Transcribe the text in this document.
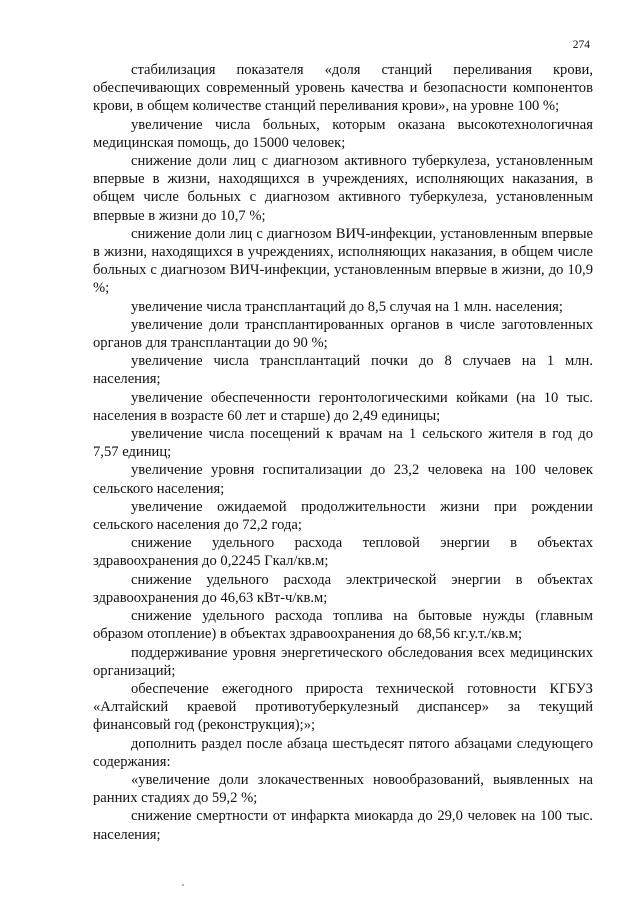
274

стабилизация показателя «доля станций переливания крови, обеспечивающих современный уровень качества и безопасности компонентов крови, в общем количестве станций переливания крови», на уровне 100 %;

увеличение числа больных, которым оказана высокотехнологичная медицинская помощь, до 15000 человек;

снижение доли лиц с диагнозом активного туберкулеза, установленным впервые в жизни, находящихся в учреждениях, исполняющих наказания, в общем числе больных с диагнозом активного туберкулеза, установленным впервые в жизни до 10,7 %;

снижение доли лиц с диагнозом ВИЧ-инфекции, установленным впервые в жизни, находящихся в учреждениях, исполняющих наказания, в общем числе больных с диагнозом ВИЧ-инфекции, установленным впервые в жизни, до 10,9 %;

увеличение числа трансплантаций до 8,5 случая на 1 млн. населения;

увеличение доли трансплантированных органов в числе заготовленных органов для трансплантации до 90 %;

увеличение числа трансплантаций почки до 8 случаев на 1 млн. населения;

увеличение обеспеченности геронтологическими койками (на 10 тыс. населения в возрасте 60 лет и старше) до 2,49 единицы;

увеличение числа посещений к врачам на 1 сельского жителя в год до 7,57 единиц;

увеличение уровня госпитализации до 23,2 человека на 100 человек сельского населения;

увеличение ожидаемой продолжительности жизни при рождении сельского населения до 72,2 года;

снижение удельного расхода тепловой энергии в объектах здравоохранения до 0,2245 Гкал/кв.м;

снижение удельного расхода электрической энергии в объектах здравоохранения до 46,63 кВт-ч/кв.м;

снижение удельного расхода топлива на бытовые нужды (главным образом отопление) в объектах здравоохранения до 68,56 кг.у.т./кв.м;

поддерживание уровня энергетического обследования всех медицинских организаций;

обеспечение ежегодного прироста технической готовности КГБУЗ «Алтайский краевой противотуберкулезный диспансер» за текущий финансовый год (реконструкция);»;

дополнить раздел после абзаца шестьдесят пятого абзацами следующего содержания:

«увеличение доли злокачественных новообразований, выявленных на ранних стадиях до 59,2 %;

снижение смертности от инфаркта миокарда до 29,0 человек на 100 тыс. населения;
